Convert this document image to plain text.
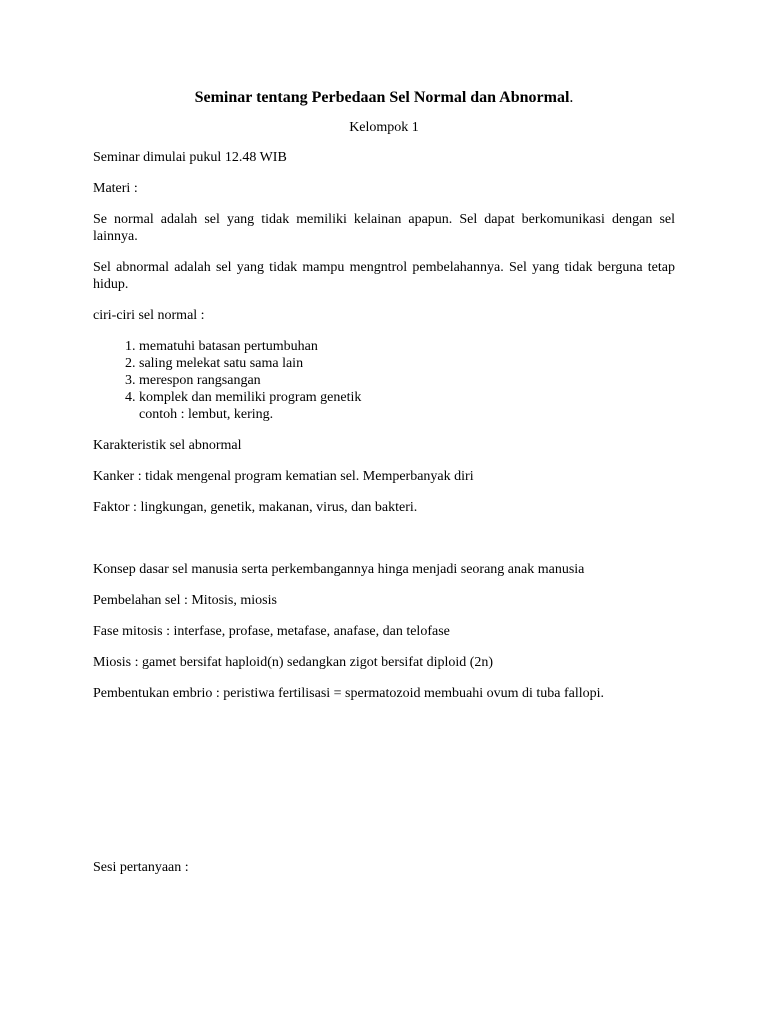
Seminar tentang Perbedaan Sel Normal dan Abnormal.
Kelompok 1

Seminar dimulai pukul 12.48 WIB

Materi :

Se normal adalah sel yang tidak memiliki kelainan apapun. Sel dapat berkomunikasi dengan sel lainnya.

Sel abnormal adalah sel yang tidak mampu mengntrol pembelahannya. Sel yang tidak berguna tetap hidup.

ciri-ciri sel normal :

1. mematuhi batasan pertumbuhan
2. saling melekat satu sama lain
3. merespon rangsangan
4. komplek dan memiliki program genetik
contoh : lembut, kering.

Karakteristik sel abnormal

Kanker : tidak mengenal program kematian sel. Memperbanyak diri

Faktor : lingkungan, genetik, makanan, virus, dan bakteri.

Konsep dasar sel manusia serta perkembangannya hinga menjadi seorang anak manusia

Pembelahan sel : Mitosis, miosis

Fase mitosis : interfase, profase, metafase, anafase, dan telofase

Miosis : gamet bersifat haploid(n) sedangkan zigot bersifat diploid (2n)

Pembentukan embrio : peristiwa fertilisasi = spermatozoid membuahi ovum di tuba fallopi.

Sesi pertanyaan :
